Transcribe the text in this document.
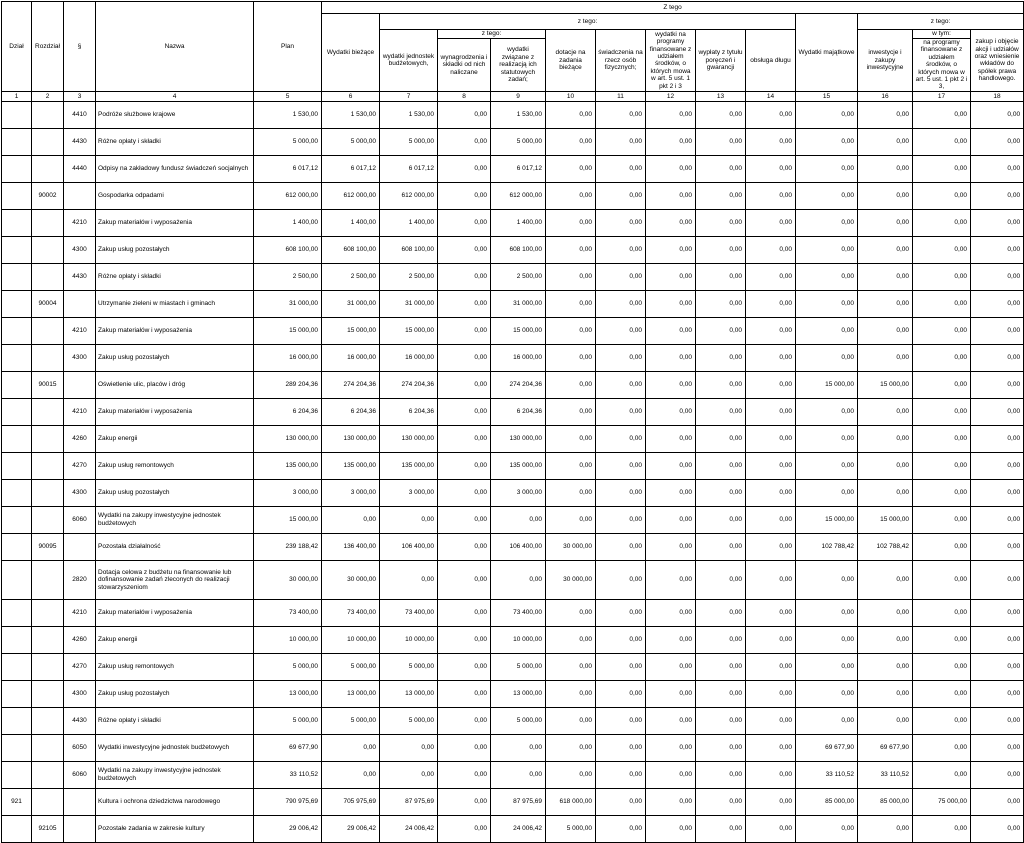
Dział	Rozdział	§	Nazwa	Plan	Z tego												
					Wydatki bieżące	z tego:								Wydatki majątkowe	z tego:		
						wydatki jednostek budżetowych,	z tego:		dotacje na zadania bieżące	świadczenia na rzecz osób fizycznych;	wydatki na programy finansowane z udziałem środków, o których mowa w art. 5 ust. 1 pkt 2 i 3	wypłaty z tytułu poręczeń i gwarancji	obsługa długu		inwestycje i zakupy inwestycyjne	w tym:	zakup i objęcie akcji i udziałów oraz wniesienie wkładów do spółek prawa handlowego.
							wynagrodzenia i składki od nich naliczane	wydatki związane z realizacją ich statutowych zadań;								na programy finansowane z udziałem środków, o których mowa w art. 5 ust. 1 pkt 2 i 3,	
1	2	3	4	5	6	7	8	9	10	11	12	13	14	15	16	17	18
		4410	Podróże służbowe krajowe	1 530,00	1 530,00	1 530,00	0,00	1 530,00	0,00	0,00	0,00	0,00	0,00	0,00	0,00	0,00	0,00
		4430	Różne opłaty i składki	5 000,00	5 000,00	5 000,00	0,00	5 000,00	0,00	0,00	0,00	0,00	0,00	0,00	0,00	0,00	0,00
		4440	Odpisy na zakładowy fundusz świadczeń socjalnych	6 017,12	6 017,12	6 017,12	0,00	6 017,12	0,00	0,00	0,00	0,00	0,00	0,00	0,00	0,00	0,00
	90002		Gospodarka odpadami	612 000,00	612 000,00	612 000,00	0,00	612 000,00	0,00	0,00	0,00	0,00	0,00	0,00	0,00	0,00	0,00
		4210	Zakup materiałów i wyposażenia	1 400,00	1 400,00	1 400,00	0,00	1 400,00	0,00	0,00	0,00	0,00	0,00	0,00	0,00	0,00	0,00
		4300	Zakup usług pozostałych	608 100,00	608 100,00	608 100,00	0,00	608 100,00	0,00	0,00	0,00	0,00	0,00	0,00	0,00	0,00	0,00
		4430	Różne opłaty i składki	2 500,00	2 500,00	2 500,00	0,00	2 500,00	0,00	0,00	0,00	0,00	0,00	0,00	0,00	0,00	0,00
	90004		Utrzymanie zieleni w miastach i gminach	31 000,00	31 000,00	31 000,00	0,00	31 000,00	0,00	0,00	0,00	0,00	0,00	0,00	0,00	0,00	0,00
		4210	Zakup materiałów i wyposażenia	15 000,00	15 000,00	15 000,00	0,00	15 000,00	0,00	0,00	0,00	0,00	0,00	0,00	0,00	0,00	0,00
		4300	Zakup usług pozostałych	16 000,00	16 000,00	16 000,00	0,00	16 000,00	0,00	0,00	0,00	0,00	0,00	0,00	0,00	0,00	0,00
	90015		Oświetlenie ulic, placów i dróg	289 204,36	274 204,36	274 204,36	0,00	274 204,36	0,00	0,00	0,00	0,00	0,00	15 000,00	15 000,00	0,00	0,00
		4210	Zakup materiałów i wyposażenia	6 204,36	6 204,36	6 204,36	0,00	6 204,36	0,00	0,00	0,00	0,00	0,00	0,00	0,00	0,00	0,00
		4260	Zakup energii	130 000,00	130 000,00	130 000,00	0,00	130 000,00	0,00	0,00	0,00	0,00	0,00	0,00	0,00	0,00	0,00
		4270	Zakup usług remontowych	135 000,00	135 000,00	135 000,00	0,00	135 000,00	0,00	0,00	0,00	0,00	0,00	0,00	0,00	0,00	0,00
		4300	Zakup usług pozostałych	3 000,00	3 000,00	3 000,00	0,00	3 000,00	0,00	0,00	0,00	0,00	0,00	0,00	0,00	0,00	0,00
		6060	Wydatki na zakupy inwestycyjne jednostek budżetowych	15 000,00	0,00	0,00	0,00	0,00	0,00	0,00	0,00	0,00	0,00	15 000,00	15 000,00	0,00	0,00
	90095		Pozostała działalność	239 188,42	136 400,00	106 400,00	0,00	106 400,00	30 000,00	0,00	0,00	0,00	0,00	102 788,42	102 788,42	0,00	0,00
		2820	Dotacja celowa z budżetu na finansowanie lub dofinansowanie zadań zleconych do realizacji stowarzyszeniom	30 000,00	30 000,00	0,00	0,00	0,00	30 000,00	0,00	0,00	0,00	0,00	0,00	0,00	0,00	0,00
		4210	Zakup materiałów i wyposażenia	73 400,00	73 400,00	73 400,00	0,00	73 400,00	0,00	0,00	0,00	0,00	0,00	0,00	0,00	0,00	0,00
		4260	Zakup energii	10 000,00	10 000,00	10 000,00	0,00	10 000,00	0,00	0,00	0,00	0,00	0,00	0,00	0,00	0,00	0,00
		4270	Zakup usług remontowych	5 000,00	5 000,00	5 000,00	0,00	5 000,00	0,00	0,00	0,00	0,00	0,00	0,00	0,00	0,00	0,00
		4300	Zakup usług pozostałych	13 000,00	13 000,00	13 000,00	0,00	13 000,00	0,00	0,00	0,00	0,00	0,00	0,00	0,00	0,00	0,00
		4430	Różne opłaty i składki	5 000,00	5 000,00	5 000,00	0,00	5 000,00	0,00	0,00	0,00	0,00	0,00	0,00	0,00	0,00	0,00
		6050	Wydatki inwestycyjne jednostek budżetowych	69 677,90	0,00	0,00	0,00	0,00	0,00	0,00	0,00	0,00	0,00	69 677,90	69 677,90	0,00	0,00
		6060	Wydatki na zakupy inwestycyjne jednostek budżetowych	33 110,52	0,00	0,00	0,00	0,00	0,00	0,00	0,00	0,00	0,00	33 110,52	33 110,52	0,00	0,00
921			Kultura i ochrona dziedzictwa narodowego	790 975,69	705 975,69	87 975,69	0,00	87 975,69	618 000,00	0,00	0,00	0,00	0,00	85 000,00	85 000,00	75 000,00	0,00
	92105		Pozostałe zadania w zakresie kultury	29 006,42	29 006,42	24 006,42	0,00	24 006,42	5 000,00	0,00	0,00	0,00	0,00	0,00	0,00	0,00	0,00
